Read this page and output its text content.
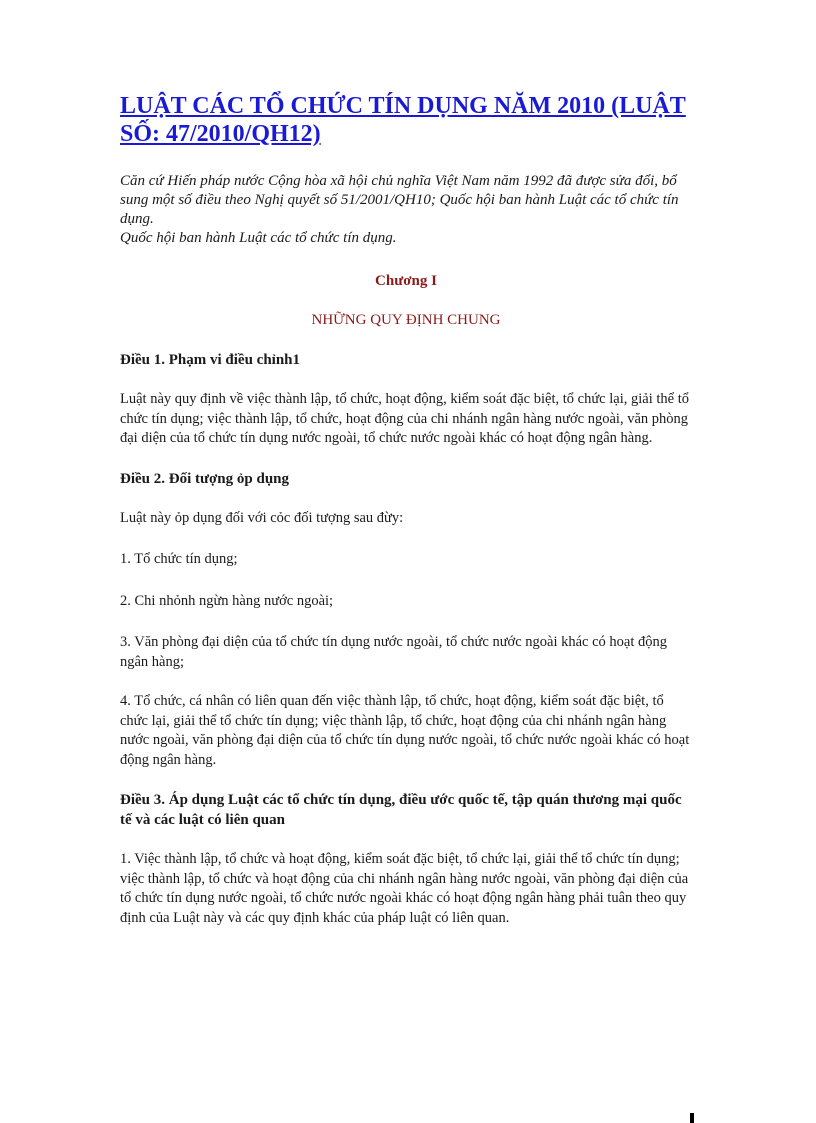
LUẬT CÁC TỔ CHỨC TÍN DỤNG NĂM 2010 (LUẬT SỐ: 47/2010/QH12)

Căn cứ Hiến pháp nước Cộng hòa xã hội chủ nghĩa Việt Nam năm 1992 đã được sửa đổi, bổ sung một số điều theo Nghị quyết số 51/2001/QH10; Quốc hội ban hành Luật các tổ chức tín dụng.

Quốc hội ban hành Luật các tổ chức tín dụng.

Chương I
NHỮNG QUY ĐỊNH CHUNG
Điều 1. Phạm vi điều chỉnh1

Luật này quy định về việc thành lập, tổ chức, hoạt động, kiểm soát đặc biệt, tổ chức lại, giải thể tổ chức tín dụng; việc thành lập, tổ chức, hoạt động của chi nhánh ngân hàng nước ngoài, văn phòng đại diện của tổ chức tín dụng nước ngoài, tổ chức nước ngoài khác có hoạt động ngân hàng.

Điều 2. Đối tượng ỏp dụng

Luật này ỏp dụng đối với cỏc đối tượng sau đừy:

1. Tổ chức tín dụng;

2. Chi nhỏnh ngừn hàng nước ngoài;

3. Văn phòng đại diện của tổ chức tín dụng nước ngoài, tổ chức nước ngoài khác có hoạt động ngân hàng;

4. Tổ chức, cá nhân có liên quan đến việc thành lập, tổ chức, hoạt động, kiểm soát đặc biệt, tổ chức lại, giải thể tổ chức tín dụng; việc thành lập, tổ chức, hoạt động của chi nhánh ngân hàng nước ngoài, văn phòng đại diện của tổ chức tín dụng nước ngoài, tổ chức nước ngoài khác có hoạt động ngân hàng.

Điều 3. Áp dụng Luật các tổ chức tín dụng, điều ước quốc tế, tập quán thương mại quốc tế và các luật có liên quan

1. Việc thành lập, tổ chức và hoạt động, kiểm soát đặc biệt, tổ chức lại, giải thể tổ chức tín dụng; việc thành lập, tổ chức và hoạt động của chi nhánh ngân hàng nước ngoài, văn phòng đại diện của tổ chức tín dụng nước ngoài, tổ chức nước ngoài khác có hoạt động ngân hàng phải tuân theo quy định của Luật này và các quy định khác của pháp luật có liên quan.
